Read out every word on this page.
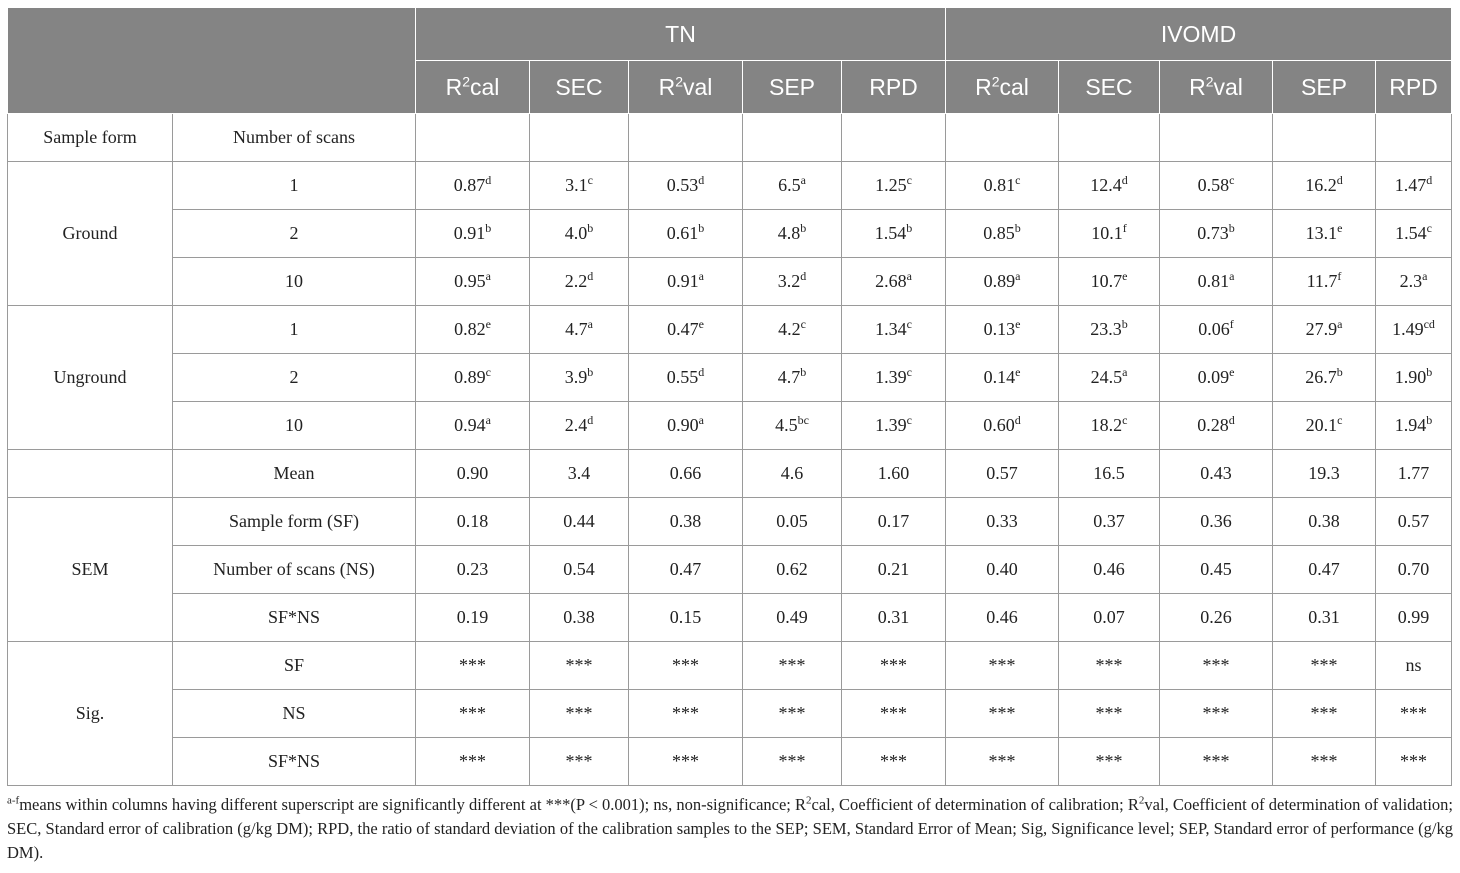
		TN					IVOMD				
		$R^2cal$	SEC	$R^2val$	SEP	RPD	$R^2cal$	SEC	$R^2val$	SEP	RPD
Sample form	Number of scans										
Ground	1	0.87$^d$	3.1$^c$	0.53$^d$	6.5$^a$	1.25$^c$	0.81$^c$	12.4$^d$	0.58$^c$	16.2$^d$	1.47$^d$
	2	0.91$^b$	4.0$^b$	0.61$^b$	4.8$^b$	1.54$^b$	0.85$^b$	10.1$^f$	0.73$^b$	13.1e	1.54$^c$
	10	0.95$^a$	2.2$^d$	0.91$^a$	3.2$^d$	2.68$^a$	0.89$^a$	10.7e	0.81$^a$	11.7$^f$	2.3$^a$
Unground	1	0.82e	4.7$^a$	0.47e	4.2$^c$	1.34$^c$	0.13e	23.3$^b$	0.06$^f$	27.9$^a$	1.49$^{cd}$
	2	0.89$^c$	3.9$^b$	0.55$^d$	4.7$^b$	1.39$^c$	0.14e	24.5$^a$	0.09e	26.7$^b$	1.90$^b$
	10	0.94$^a$	2.4$^d$	0.90$^a$	4.5$^{bc}$	1.39$^c$	0.60$^d$	18.2$^c$	0.28$^d$	20.1$^c$	1.94$^b$
	Mean	0.90	3.4	0.66	4.6	1.60	0.57	16.5	0.43	19.3	1.77
SEM	Sample form (SF)	0.18	0.44	0.38	0.05	0.17	0.33	0.37	0.36	0.38	0.57
	Number of scans (NS)	0.23	0.54	0.47	0.62	0.21	0.40	0.46	0.45	0.47	0.70
	SF*NS	0.19	0.38	0.15	0.49	0.31	0.46	0.07	0.26	0.31	0.99
Sig.	SF	***	***	***	***	***	***	***	***	***	ns
	NS	***	***	***	***	***	***	***	***	***	***
	SF*NS	***	***	***	***	***	***	***	***	***	***
$^{a-f}$means within columns having different superscript are significantly different at ***(P < 0.001); ns, non-significance; $R^2cal$, Coefficient of determination of calibration; $R^2val$, Coefficient of determination of validation; SEC, Standard error of calibration (g/kg DM); RPD, the ratio of standard deviation of the calibration samples to the SEP; SEM, Standard Error of Mean; Sig, Significance level; SEP, Standard error of performance (g/kg DM).
